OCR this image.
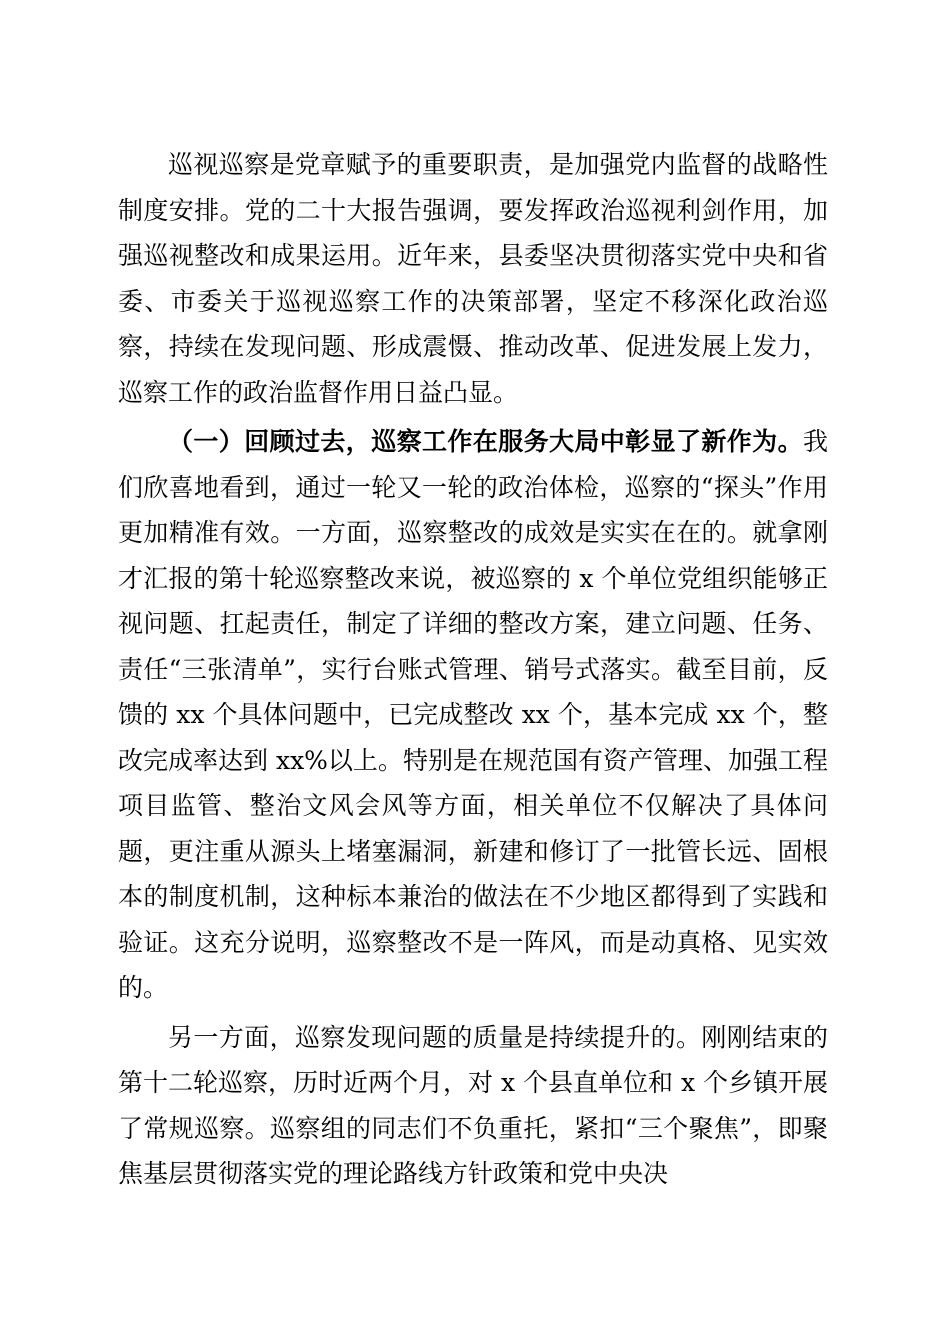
巡视巡察是党章赋予的重要职责，是加强党内监督的战略性制度安排。党的二十大报告强调，要发挥政治巡视利剑作用，加强巡视整改和成果运用。近年来，县委坚决贯彻落实党中央和省委、市委关于巡视巡察工作的决策部署，坚定不移深化政治巡察，持续在发现问题、形成震慑、推动改革、促进发展上发力，巡察工作的政治监督作用日益凸显。

（一）回顾过去，巡察工作在服务大局中彰显了新作为。我们欣喜地看到，通过一轮又一轮的政治体检，巡察的“探头”作用更加精准有效。一方面，巡察整改的成效是实实在在的。就拿刚才汇报的第十轮巡察整改来说，被巡察的 x 个单位党组织能够正视问题、扛起责任，制定了详细的整改方案，建立问题、任务、责任“三张清单”，实行台账式管理、销号式落实。截至目前，反馈的 xx 个具体问题中，已完成整改 xx 个，基本完成 xx 个，整改完成率达到 xx%以上。特别是在规范国有资产管理、加强工程项目监管、整治文风会风等方面，相关单位不仅解决了具体问题，更注重从源头上堵塞漏洞，新建和修订了一批管长远、固根本的制度机制，这种标本兼治的做法在不少地区都得到了实践和验证。这充分说明，巡察整改不是一阵风，而是动真格、见实效的。

另一方面，巡察发现问题的质量是持续提升的。刚刚结束的第十二轮巡察，历时近两个月，对 x 个县直单位和 x 个乡镇开展了常规巡察。巡察组的同志们不负重托，紧扣“三个聚焦”，即聚焦基层贯彻落实党的理论路线方针政策和党中央决
